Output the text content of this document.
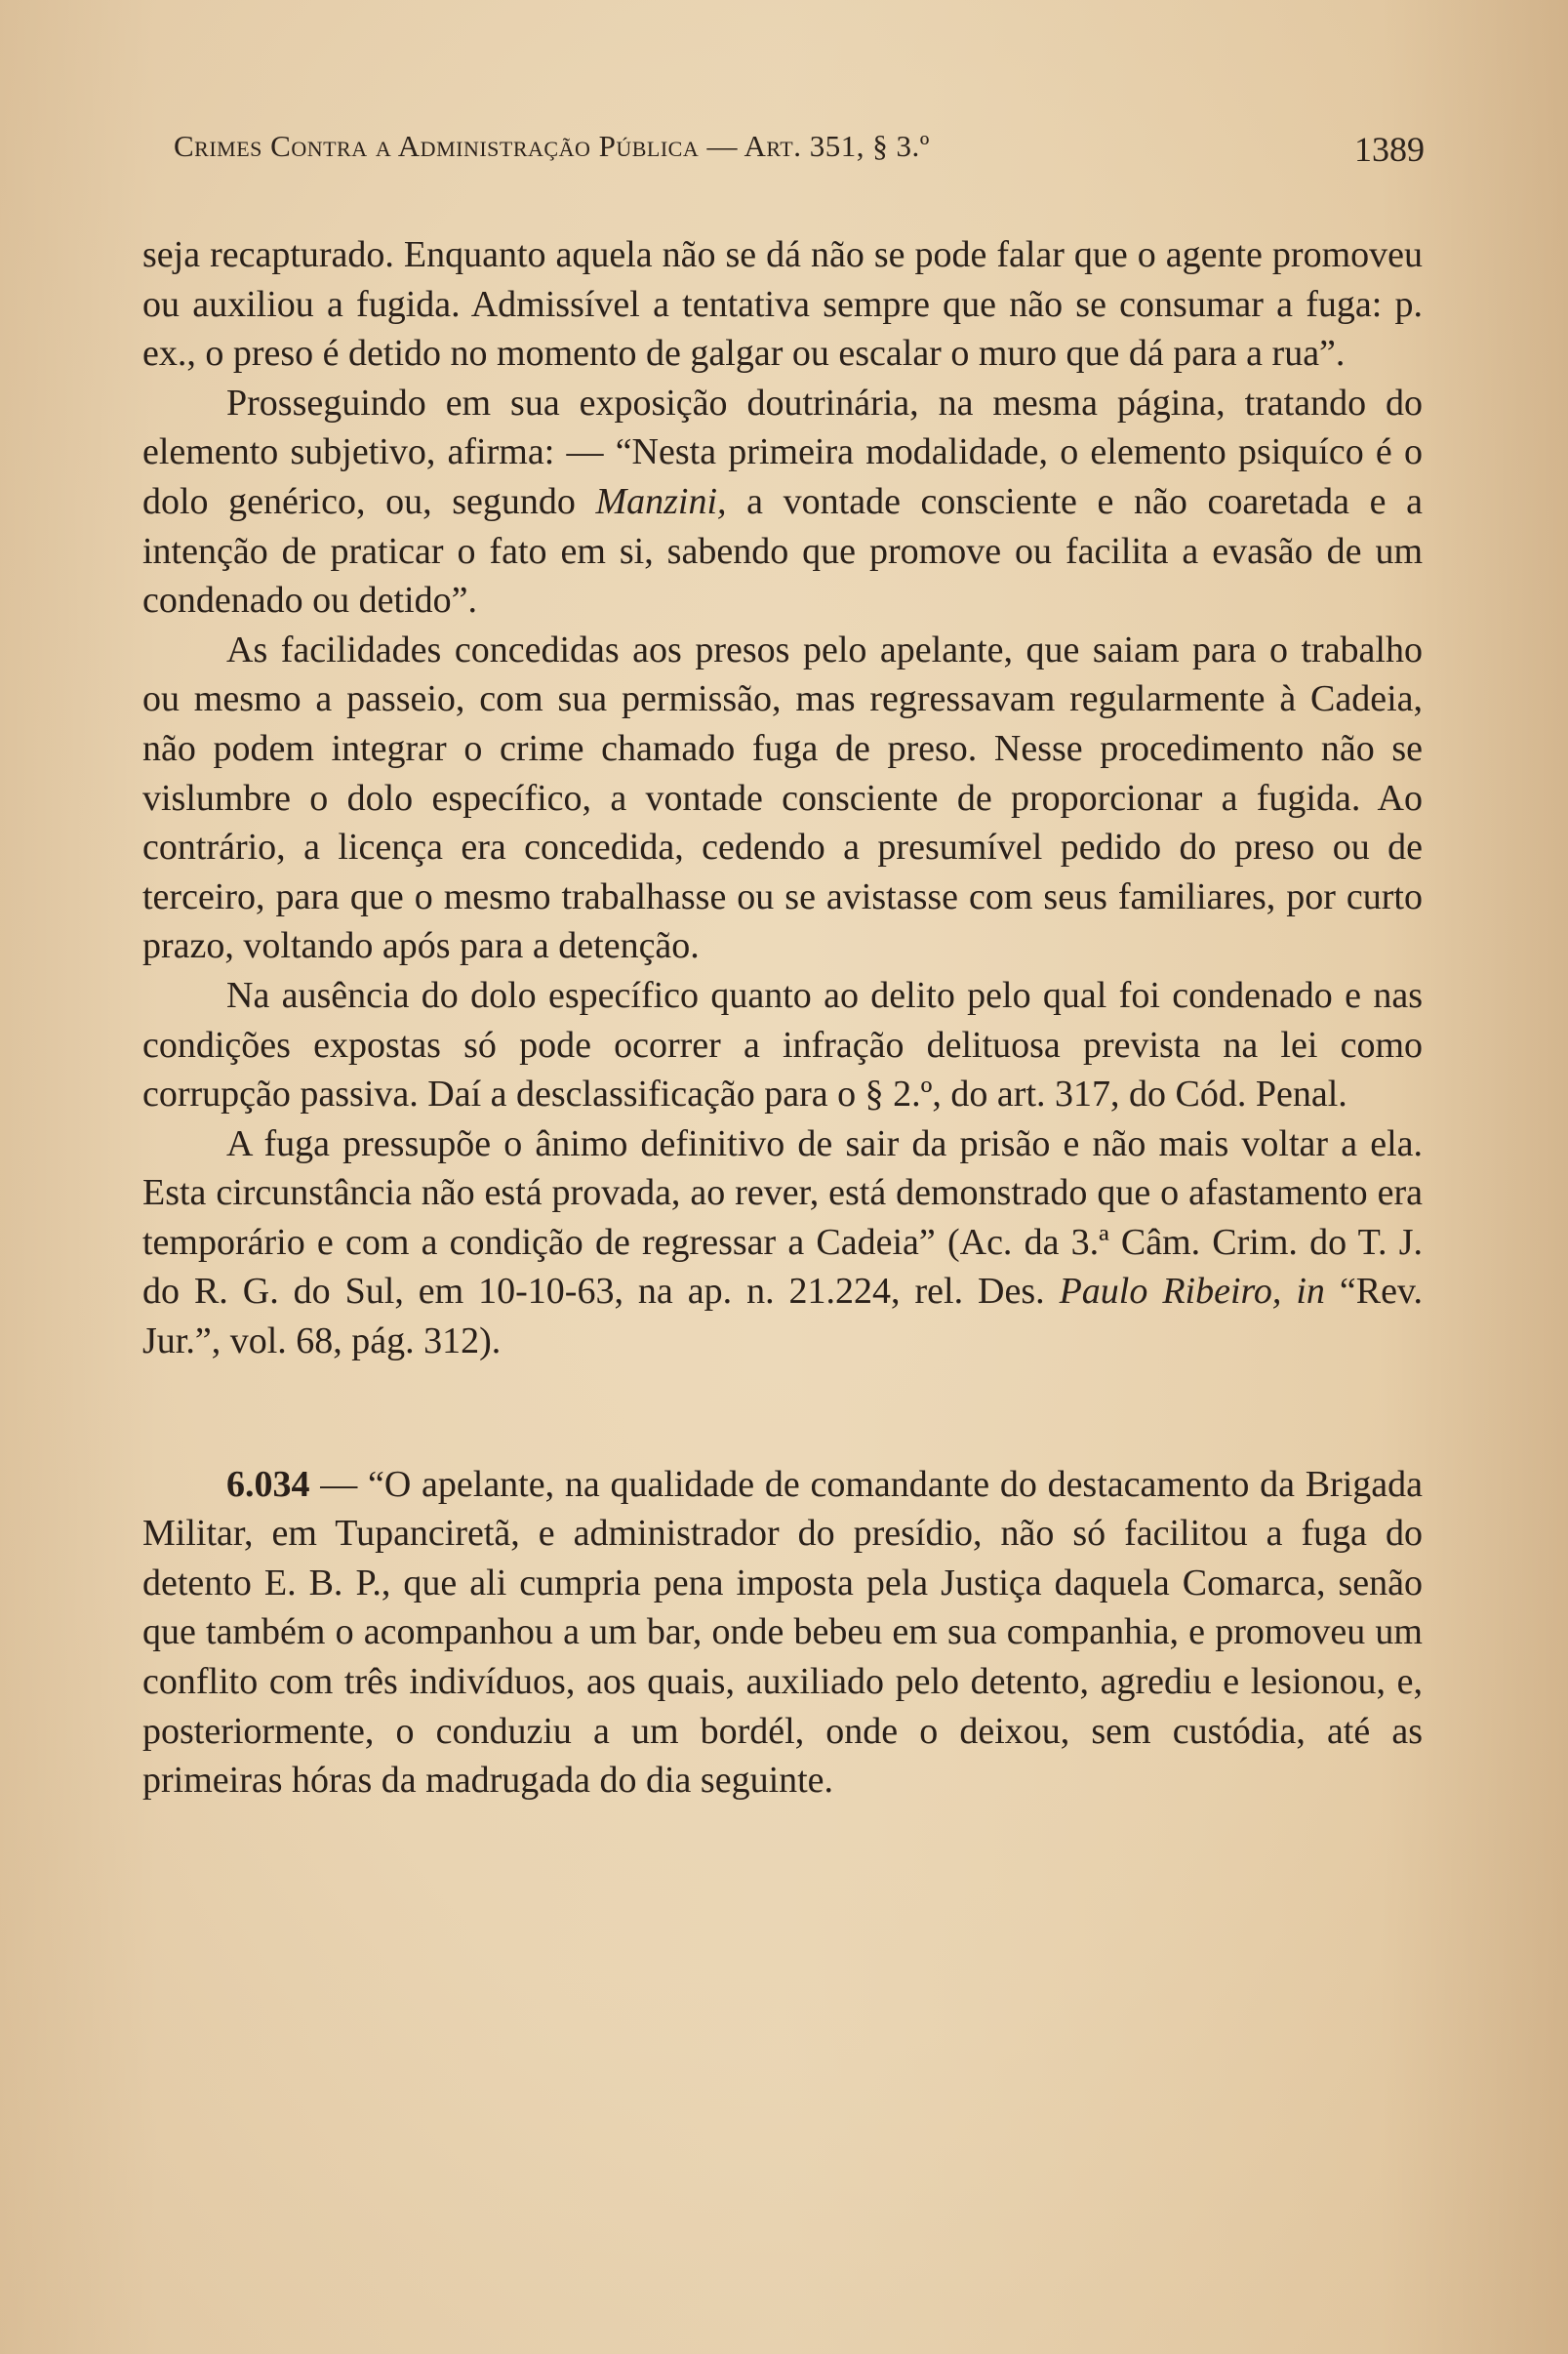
Crimes Contra a Administração Pública — Art. 351, § 3.º	1389

seja recapturado. Enquanto aquela não se dá não se pode falar que o agente promoveu ou auxiliou a fugida. Admissível a tentativa sempre que não se consumar a fuga: p. ex., o preso é detido no momento de galgar ou escalar o muro que dá para a rua”.

Prosseguindo em sua exposição doutrinária, na mesma página, tratando do elemento subjetivo, afirma: — “Nesta primeira modalidade, o elemento psiquíco é o dolo genérico, ou, segundo Manzini, a vontade consciente e não coaretada e a intenção de praticar o fato em si, sabendo que promove ou facilita a evasão de um condenado ou detido”.

As facilidades concedidas aos presos pelo apelante, que saiam para o trabalho ou mesmo a passeio, com sua permissão, mas regressavam regularmente à Cadeia, não podem integrar o crime chamado fuga de preso. Nesse procedimento não se vislumbre o dolo específico, a vontade consciente de proporcionar a fugida. Ao contrário, a licença era concedida, cedendo a presumível pedido do preso ou de terceiro, para que o mesmo trabalhasse ou se avistasse com seus familiares, por curto prazo, voltando após para a detenção.

Na ausência do dolo específico quanto ao delito pelo qual foi condenado e nas condições expostas só pode ocorrer a infração delituosa prevista na lei como corrupção passiva. Daí a desclassificação para o § 2.º, do art. 317, do Cód. Penal.

A fuga pressupõe o ânimo definitivo de sair da prisão e não mais voltar a ela. Esta circunstância não está provada, ao rever, está demonstrado que o afastamento era temporário e com a condição de regressar a Cadeia” (Ac. da 3.ª Câm. Crim. do T. J. do R. G. do Sul, em 10-10-63, na ap. n. 21.224, rel. Des. Paulo Ribeiro, in “Rev. Jur.”, vol. 68, pág. 312).

6.034 — “O apelante, na qualidade de comandante do destacamento da Brigada Militar, em Tupanciretã, e administrador do presídio, não só facilitou a fuga do detento E. B. P., que ali cumpria pena imposta pela Justiça daquela Comarca, senão que também o acompanhou a um bar, onde bebeu em sua companhia, e promoveu um conflito com três indivíduos, aos quais, auxiliado pelo detento, agrediu e lesionou, e, posteriormente, o conduziu a um bordél, onde o deixou, sem custódia, até as primeiras hóras da madrugada do dia seguinte.
